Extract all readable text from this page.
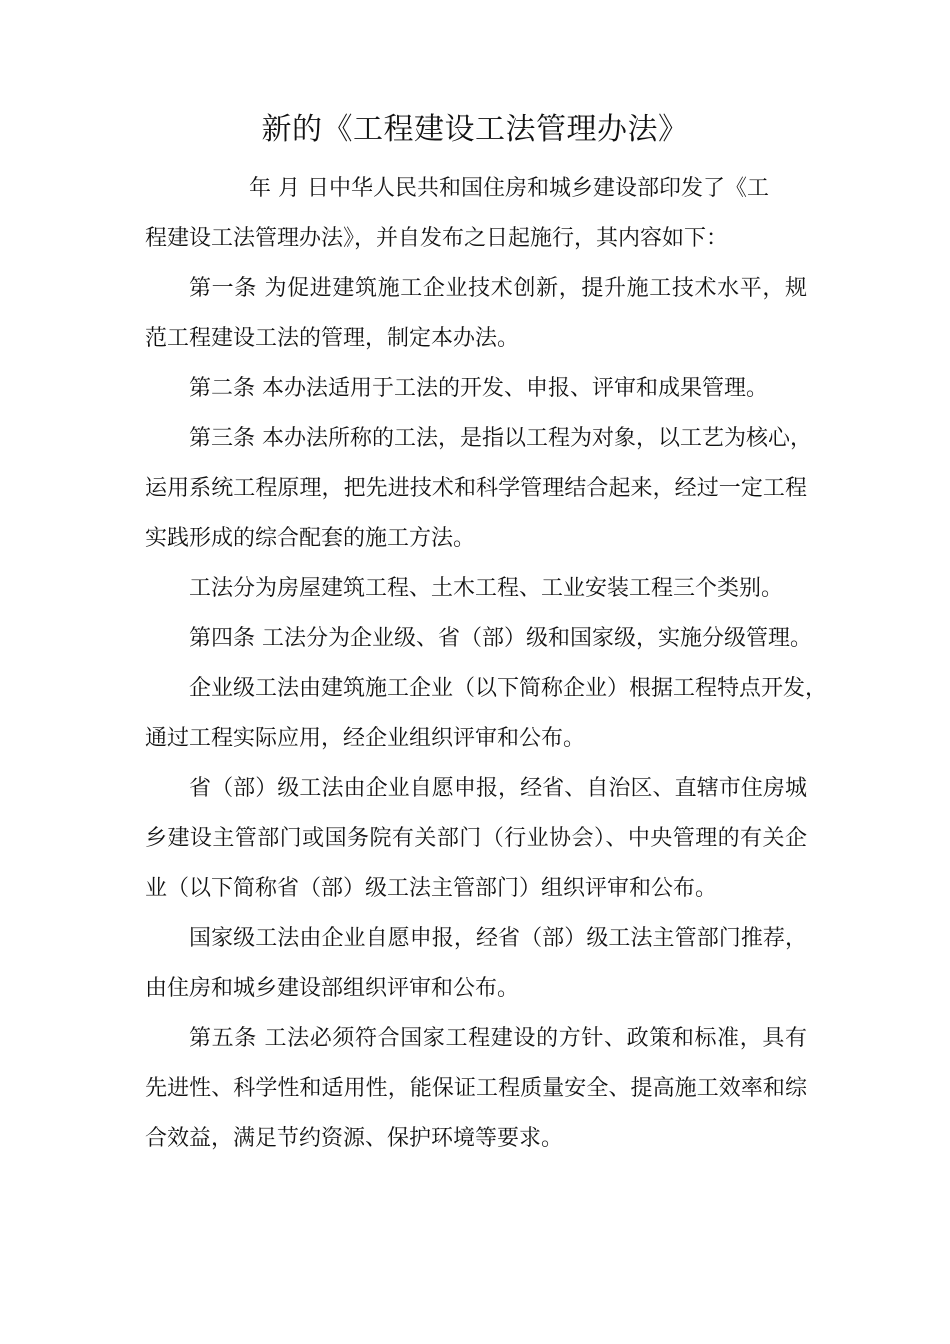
新的《工程建设工法管理办法》
年 月 日中华人民共和国住房和城乡建设部印发了《工
程建设工法管理办法》，并自发布之日起施行，其内容如下：
第一条 为促进建筑施工企业技术创新，提升施工技术水平，规
范工程建设工法的管理，制定本办法。
第二条 本办法适用于工法的开发、申报、评审和成果管理。
第三条 本办法所称的工法，是指以工程为对象，以工艺为核心，
运用系统工程原理，把先进技术和科学管理结合起来，经过一定工程
实践形成的综合配套的施工方法。
工法分为房屋建筑工程、土木工程、工业安装工程三个类别。
第四条 工法分为企业级、省（部）级和国家级，实施分级管理。
企业级工法由建筑施工企业（以下简称企业）根据工程特点开发，
通过工程实际应用，经企业组织评审和公布。
省（部）级工法由企业自愿申报，经省、自治区、直辖市住房城
乡建设主管部门或国务院有关部门（行业协会）、中央管理的有关企
业（以下简称省（部）级工法主管部门）组织评审和公布。
国家级工法由企业自愿申报，经省（部）级工法主管部门推荐，
由住房和城乡建设部组织评审和公布。
第五条 工法必须符合国家工程建设的方针、政策和标准，具有
先进性、科学性和适用性，能保证工程质量安全、提高施工效率和综
合效益，满足节约资源、保护环境等要求。
